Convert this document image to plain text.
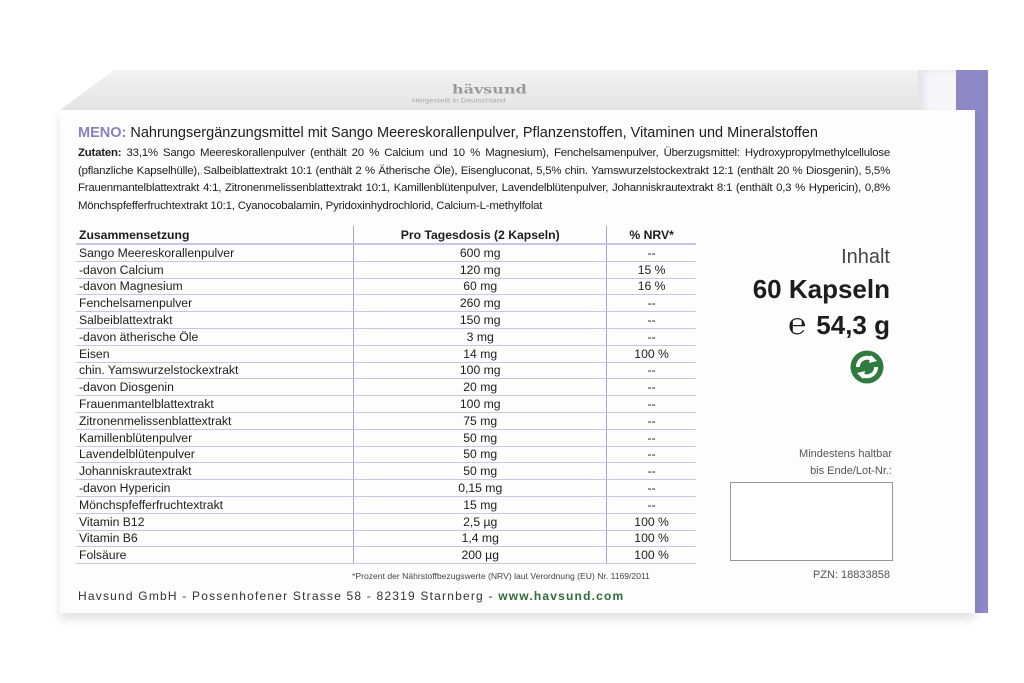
hävsund
Hergestellt in Deutschland
MENO: Nahrungsergänzungsmittel mit Sango Meereskorallenpulver, Pflanzenstoffen, Vitaminen und Mineralstoffen
Zutaten: 33,1% Sango Meereskorallenpulver (enthält 20 % Calcium und 10 % Magnesium), Fenchelsamenpulver, Überzugsmittel: Hydroxypropylmethylcellulose (pflanzliche Kapselhülle), Salbeiblattextrakt 10:1 (enthält 2 % Ätherische Öle), Eisengluconat, 5,5% chin. Yamswurzelstockextrakt 12:1 (enthält 20 % Diosgenin), 5,5% Frauenmantelblattextrakt 4:1, Zitronenmelissenblattextrakt 10:1, Kamillenblütenpulver, Lavendelblütenpulver, Johanniskrautextrakt 8:1 (enthält 0,3 % Hypericin), 0,8% Mönchspfefferfruchtextrakt 10:1, Cyanocobalamin, Pyridoxinhydrochlorid, Calcium-L-methylfolat
Zusammensetzung	Pro Tagesdosis (2 Kapseln)	% NRV*
Sango Meereskorallenpulver	600 mg	--
-davon Calcium	120 mg	15 %
-davon Magnesium	60 mg	16 %
Fenchelsamenpulver	260 mg	--
Salbeiblattextrakt	150 mg	--
-davon ätherische Öle	3 mg	--
Eisen	14 mg	100 %
chin. Yamswurzelstockextrakt	100 mg	--
-davon Diosgenin	20 mg	--
Frauenmantelblattextrakt	100 mg	--
Zitronenmelissenblattextrakt	75 mg	--
Kamillenblütenpulver	50 mg	--
Lavendelblütenpulver	50 mg	--
Johanniskrautextrakt	50 mg	--
-davon Hypericin	0,15 mg	--
Mönchspfefferfruchtextrakt	15 mg	--
Vitamin B12	2,5 µg	100 %
Vitamin B6	1,4 mg	100 %
Folsäure	200 µg	100 %
*Prozent der Nährstoffbezugswerte (NRV) laut Verordnung (EU) Nr. 1169/2011
Havsund GmbH - Possenhofener Strasse 58 - 82319 Starnberg - www.havsund.com
Inhalt
60 Kapseln
℮ 54,3 g
Mindestens haltbar
bis Ende/Lot-Nr.:
PZN: 18833858
